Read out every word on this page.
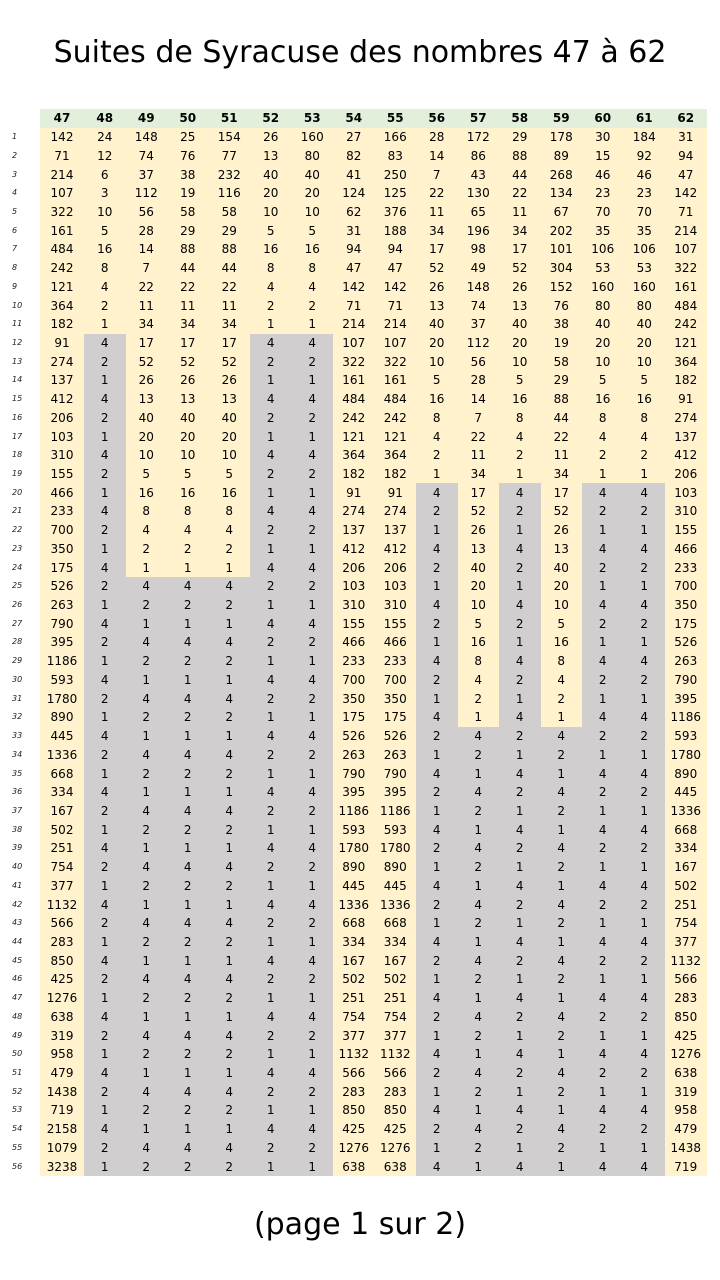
Suites de Syracuse des nombres 47 à 62
	47	48	49	50	51	52	53	54	55	56	57	58	59	60	61	62
1	142	24	148	25	154	26	160	27	166	28	172	29	178	30	184	31
2	71	12	74	76	77	13	80	82	83	14	86	88	89	15	92	94
3	214	6	37	38	232	40	40	41	250	7	43	44	268	46	46	47
4	107	3	112	19	116	20	20	124	125	22	130	22	134	23	23	142
5	322	10	56	58	58	10	10	62	376	11	65	11	67	70	70	71
6	161	5	28	29	29	5	5	31	188	34	196	34	202	35	35	214
7	484	16	14	88	88	16	16	94	94	17	98	17	101	106	106	107
8	242	8	7	44	44	8	8	47	47	52	49	52	304	53	53	322
9	121	4	22	22	22	4	4	142	142	26	148	26	152	160	160	161
10	364	2	11	11	11	2	2	71	71	13	74	13	76	80	80	484
11	182	1	34	34	34	1	1	214	214	40	37	40	38	40	40	242
12	91	4	17	17	17	4	4	107	107	20	112	20	19	20	20	121
13	274	2	52	52	52	2	2	322	322	10	56	10	58	10	10	364
14	137	1	26	26	26	1	1	161	161	5	28	5	29	5	5	182
15	412	4	13	13	13	4	4	484	484	16	14	16	88	16	16	91
16	206	2	40	40	40	2	2	242	242	8	7	8	44	8	8	274
17	103	1	20	20	20	1	1	121	121	4	22	4	22	4	4	137
18	310	4	10	10	10	4	4	364	364	2	11	2	11	2	2	412
19	155	2	5	5	5	2	2	182	182	1	34	1	34	1	1	206
20	466	1	16	16	16	1	1	91	91	4	17	4	17	4	4	103
21	233	4	8	8	8	4	4	274	274	2	52	2	52	2	2	310
22	700	2	4	4	4	2	2	137	137	1	26	1	26	1	1	155
23	350	1	2	2	2	1	1	412	412	4	13	4	13	4	4	466
24	175	4	1	1	1	4	4	206	206	2	40	2	40	2	2	233
25	526	2	4	4	4	2	2	103	103	1	20	1	20	1	1	700
26	263	1	2	2	2	1	1	310	310	4	10	4	10	4	4	350
27	790	4	1	1	1	4	4	155	155	2	5	2	5	2	2	175
28	395	2	4	4	4	2	2	466	466	1	16	1	16	1	1	526
29	1186	1	2	2	2	1	1	233	233	4	8	4	8	4	4	263
30	593	4	1	1	1	4	4	700	700	2	4	2	4	2	2	790
31	1780	2	4	4	4	2	2	350	350	1	2	1	2	1	1	395
32	890	1	2	2	2	1	1	175	175	4	1	4	1	4	4	1186
33	445	4	1	1	1	4	4	526	526	2	4	2	4	2	2	593
34	1336	2	4	4	4	2	2	263	263	1	2	1	2	1	1	1780
35	668	1	2	2	2	1	1	790	790	4	1	4	1	4	4	890
36	334	4	1	1	1	4	4	395	395	2	4	2	4	2	2	445
37	167	2	4	4	4	2	2	1186	1186	1	2	1	2	1	1	1336
38	502	1	2	2	2	1	1	593	593	4	1	4	1	4	4	668
39	251	4	1	1	1	4	4	1780	1780	2	4	2	4	2	2	334
40	754	2	4	4	4	2	2	890	890	1	2	1	2	1	1	167
41	377	1	2	2	2	1	1	445	445	4	1	4	1	4	4	502
42	1132	4	1	1	1	4	4	1336	1336	2	4	2	4	2	2	251
43	566	2	4	4	4	2	2	668	668	1	2	1	2	1	1	754
44	283	1	2	2	2	1	1	334	334	4	1	4	1	4	4	377
45	850	4	1	1	1	4	4	167	167	2	4	2	4	2	2	1132
46	425	2	4	4	4	2	2	502	502	1	2	1	2	1	1	566
47	1276	1	2	2	2	1	1	251	251	4	1	4	1	4	4	283
48	638	4	1	1	1	4	4	754	754	2	4	2	4	2	2	850
49	319	2	4	4	4	2	2	377	377	1	2	1	2	1	1	425
50	958	1	2	2	2	1	1	1132	1132	4	1	4	1	4	4	1276
51	479	4	1	1	1	4	4	566	566	2	4	2	4	2	2	638
52	1438	2	4	4	4	2	2	283	283	1	2	1	2	1	1	319
53	719	1	2	2	2	1	1	850	850	4	1	4	1	4	4	958
54	2158	4	1	1	1	4	4	425	425	2	4	2	4	2	2	479
55	1079	2	4	4	4	2	2	1276	1276	1	2	1	2	1	1	1438
56	3238	1	2	2	2	1	1	638	638	4	1	4	1	4	4	719
(page 1 sur 2)
